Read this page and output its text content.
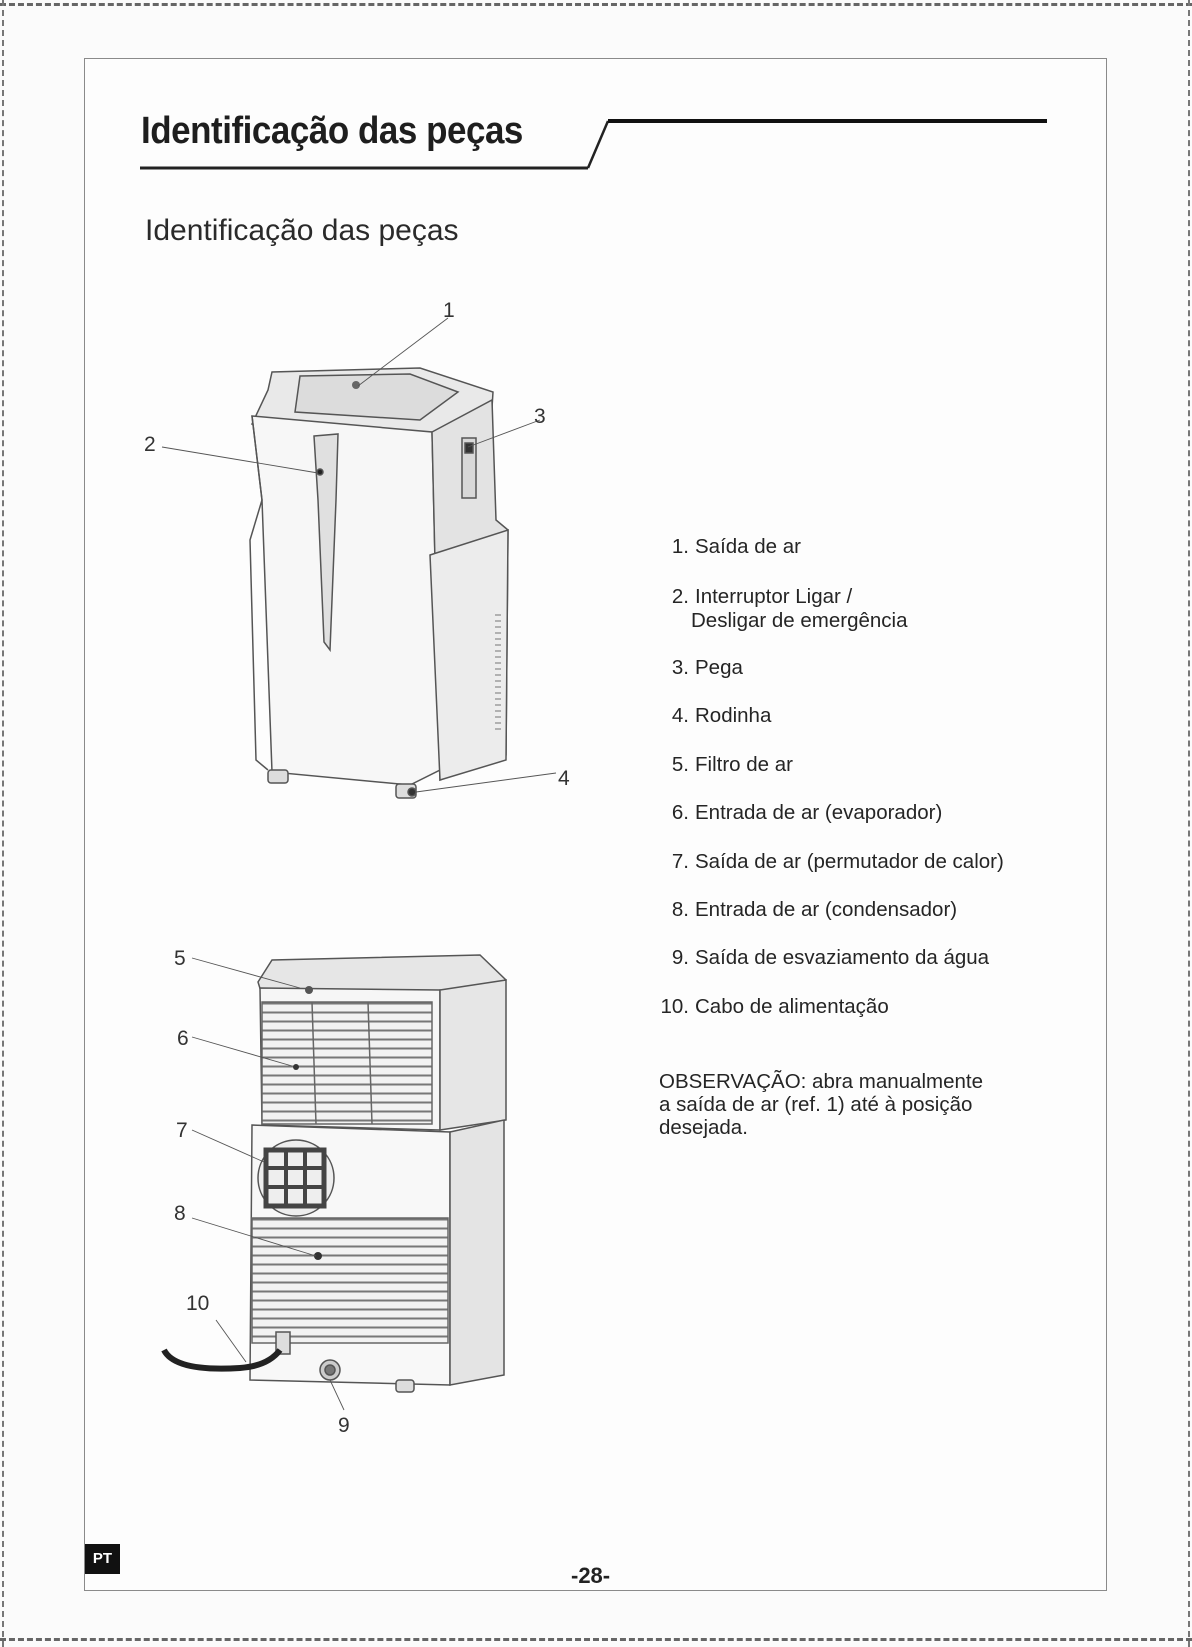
Identificação das peças
Identificação das peças
1
2
3
4
5
6
7
8
10
9
1. Saída de ar
2. Interruptor Ligar /
Desligar de emergência
3. Pega
4. Rodinha
5. Filtro de ar
6. Entrada de ar (evaporador)
7. Saída de ar (permutador de calor)
8. Entrada de ar (condensador)
9. Saída de esvaziamento da água
10. Cabo de alimentação
OBSERVAÇÃO: abra manualmente
a saída de ar (ref. 1) até à posição
desejada.
PT
-28-
